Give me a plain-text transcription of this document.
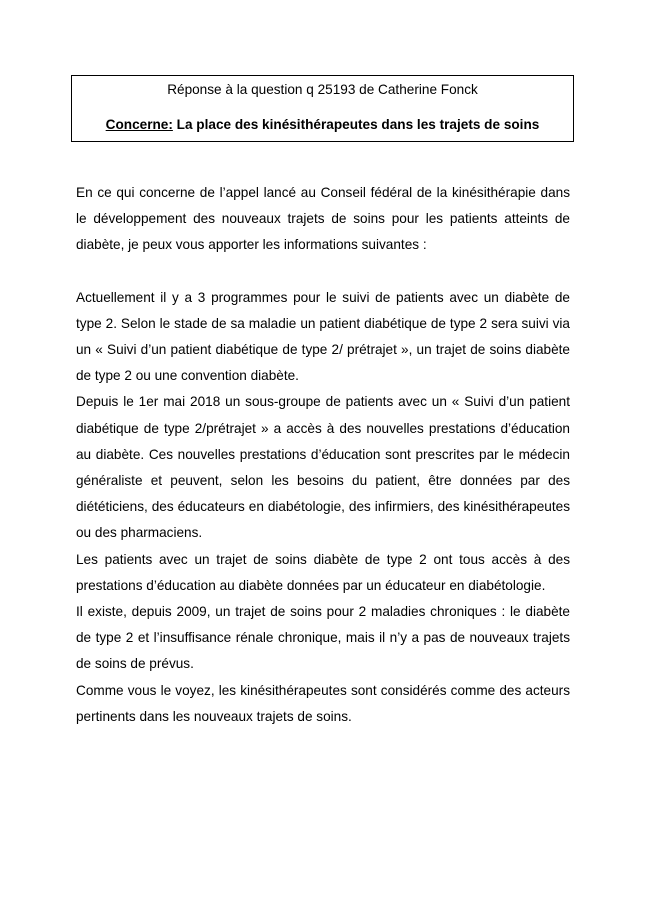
Réponse à la question q 25193 de Catherine Fonck
Concerne: La place des kinésithérapeutes dans les trajets de soins

En ce qui concerne de l’appel lancé au Conseil fédéral de la kinésithérapie dans le développement des nouveaux trajets de soins pour les patients atteints de diabète, je peux vous apporter les informations suivantes :

Actuellement il y a 3 programmes pour le suivi de patients avec un diabète de type 2. Selon le stade de sa maladie un patient diabétique de type 2 sera suivi via un « Suivi d’un patient diabétique de type 2/ prétrajet », un trajet de soins diabète de type 2 ou une convention diabète.

Depuis le 1er mai 2018 un sous-groupe de patients avec un « Suivi d’un patient diabétique de type 2/prétrajet » a accès à des nouvelles prestations d’éducation au diabète. Ces nouvelles prestations d’éducation sont prescrites par le médecin généraliste et peuvent, selon les besoins du patient, être données par des diététiciens, des éducateurs en diabétologie, des infirmiers, des kinésithérapeutes ou des pharmaciens.

Les patients avec un trajet de soins diabète de type 2 ont tous accès à des prestations d’éducation au diabète données par un éducateur en diabétologie.

Il existe, depuis 2009, un trajet de soins pour 2 maladies chroniques : le diabète de type 2 et l’insuffisance rénale chronique, mais il n’y a pas de nouveaux trajets de soins de prévus.

Comme vous le voyez, les kinésithérapeutes sont considérés comme des acteurs pertinents dans les nouveaux trajets de soins.
